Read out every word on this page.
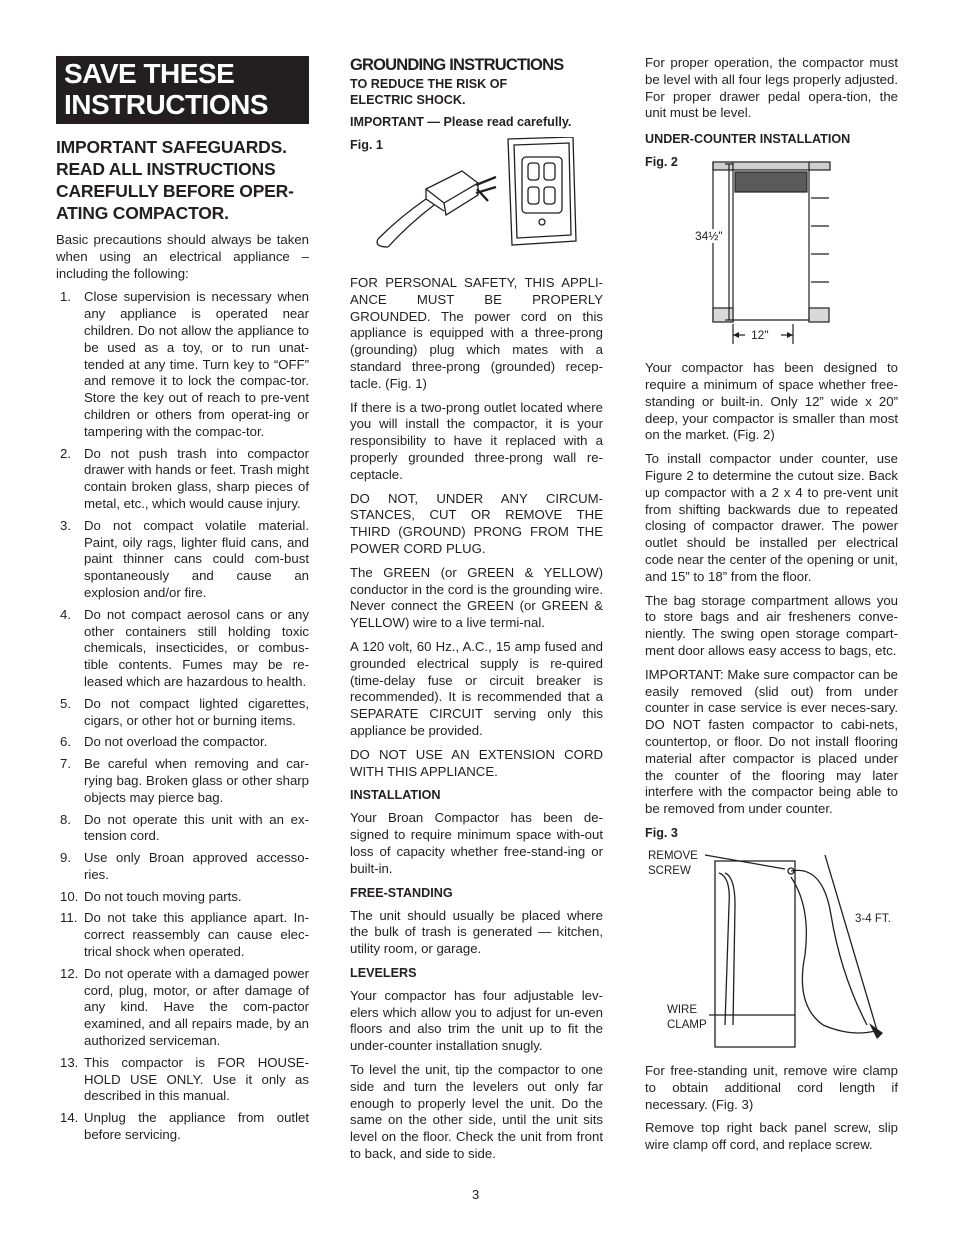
SAVE THESE
INSTRUCTIONS
IMPORTANT SAFEGUARDS. READ ALL INSTRUCTIONS CAREFULLY BEFORE OPER-ATING COMPACTOR.

Basic precautions should always be taken when using an electrical appliance – including the following:

1. Close supervision is necessary when any appliance is operated near children. Do not allow the appliance to be used as a toy, or to run unat-tended at any time. Turn key to “OFF” and remove it to lock the compac-tor. Store the key out of reach to pre-vent children or others from operat-ing or tampering with the compac-tor.
2. Do not push trash into compactor drawer with hands or feet. Trash might contain broken glass, sharp pieces of metal, etc., which would cause injury.
3. Do not compact volatile material. Paint, oily rags, lighter fluid cans, and paint thinner cans could com-bust spontaneously and cause an explosion and/or fire.
4. Do not compact aerosol cans or any other containers still holding toxic chemicals, insecticides, or combus-tible contents. Fumes may be re-leased which are hazardous to health.
5. Do not compact lighted cigarettes, cigars, or other hot or burning items.
6. Do not overload the compactor.
7. Be careful when removing and car-rying bag. Broken glass or other sharp objects may pierce bag.
8. Do not operate this unit with an ex-tension cord.
9. Use only Broan approved accesso-ries.
10. Do not touch moving parts.
11. Do not take this appliance apart. In-correct reassembly can cause elec-trical shock when operated.
12. Do not operate with a damaged power cord, plug, motor, or after damage of any kind. Have the com-pactor examined, and all repairs made, by an authorized serviceman.
13. This compactor is FOR HOUSE-HOLD USE ONLY. Use it only as described in this manual.
14. Unplug the appliance from outlet before servicing.
GROUNDING INSTRUCTIONS
TO REDUCE THE RISK OF ELECTRIC SHOCK.
IMPORTANT — Please read carefully.
Fig. 1

FOR PERSONAL SAFETY, THIS APPLI-ANCE MUST BE PROPERLY GROUNDED. The power cord on this appliance is equipped with a three-prong (grounding) plug which mates with a standard three-prong (grounded) recep-tacle. (Fig. 1)

If there is a two-prong outlet located where you will install the compactor, it is your responsibility to have it replaced with a properly grounded three-prong wall re-ceptacle.

DO NOT, UNDER ANY CIRCUM-STANCES, CUT OR REMOVE THE THIRD (GROUND) PRONG FROM THE POWER CORD PLUG.

The GREEN (or GREEN & YELLOW) conductor in the cord is the grounding wire. Never connect the GREEN (or GREEN & YELLOW) wire to a live termi-nal.

A 120 volt, 60 Hz., A.C., 15 amp fused and grounded electrical supply is re-quired (time-delay fuse or circuit breaker is recommended). It is recommended that a SEPARATE CIRCUIT serving only this appliance be provided.

DO NOT USE AN EXTENSION CORD WITH THIS APPLIANCE.

INSTALLATION

Your Broan Compactor has been de-signed to require minimum space with-out loss of capacity whether free-stand-ing or built-in.

FREE-STANDING

The unit should usually be placed where the bulk of trash is generated — kitchen, utility room, or garage.

LEVELERS

Your compactor has four adjustable lev-elers which allow you to adjust for un-even floors and also trim the unit up to fit the under-counter installation snugly.

To level the unit, tip the compactor to one side and turn the levelers out only far enough to properly level the unit. Do the same on the other side, until the unit sits level on the floor. Check the unit from front to back, and side to side.

For proper operation, the compactor must be level with all four legs properly adjusted. For proper drawer pedal opera-tion, the unit must be level.

UNDER-COUNTER INSTALLATION
Fig. 2
34½"
12"

Your compactor has been designed to require a minimum of space whether free-standing or built-in. Only 12” wide x 20” deep, your compactor is smaller than most on the market. (Fig. 2)

To install compactor under counter, use Figure 2 to determine the cutout size. Back up compactor with a 2 x 4 to pre-vent unit from shifting backwards due to repeated closing of compactor drawer. The power outlet should be installed per electrical code near the center of the opening or unit, and 15” to 18” from the floor.

The bag storage compartment allows you to store bags and air fresheners conve-niently. The swing open storage compart-ment door allows easy access to bags, etc.

IMPORTANT: Make sure compactor can be easily removed (slid out) from under counter in case service is ever neces-sary. DO NOT fasten compactor to cabi-nets, countertop, or floor. Do not install flooring material after compactor is placed under the counter of the flooring may later interfere with the compactor being able to be removed from under counter.

Fig. 3
REMOVE
SCREW
3-4 FT.
WIRE
CLAMP

For free-standing unit, remove wire clamp to obtain additional cord length if necessary. (Fig. 3)

Remove top right back panel screw, slip wire clamp off cord, and replace screw.

3
